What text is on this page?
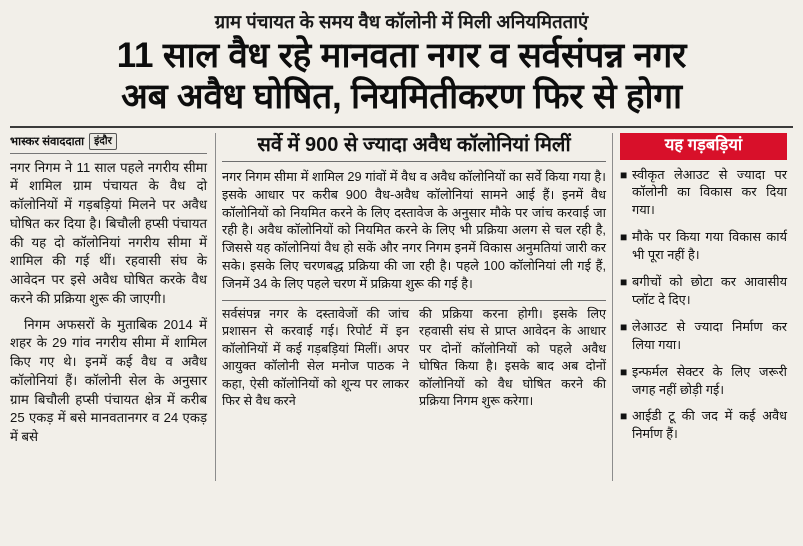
ग्राम पंचायत के समय वैध कॉलोनी में मिली अनियमितताएं
11 साल वैध रहे मानवता नगर व सर्वसंपन्न नगर
अब अवैध घोषित, नियमितीकरण फिर से होगा
भास्कर संवाददाता इंदौर

नगर निगम ने 11 साल पहले नगरीय सीमा में शामिल ग्राम पंचायत के वैध दो कॉलोनियों में गड़बड़ियां मिलने पर अवैध घोषित कर दिया है। बिचौली हप्सी पंचायत की यह दो कॉलोनियां नगरीय सीमा में शामिल की गई थीं। रहवासी संघ के आवेदन पर इसे अवैध घोषित करके वैध करने की प्रक्रिया शुरू की जाएगी।

निगम अफसरों के मुताबिक 2014 में शहर के 29 गांव नगरीय सीमा में शामिल किए गए थे। इनमें कई वैध व अवैध कॉलोनियां हैं। कॉलोनी सेल के अनुसार ग्राम बिचौली हप्सी पंचायत क्षेत्र में करीब 25 एकड़ में बसे मानवतानगर व 24 एकड़ में बसे

सर्वे में 900 से ज्यादा अवैध कॉलोनियां मिलीं

नगर निगम सीमा में शामिल 29 गांवों में वैध व अवैध कॉलोनियों का सर्वे किया गया है। इसके आधार पर करीब 900 वैध-अवैध कॉलोनियां सामने आई हैं। इनमें वैध कॉलोनियों को नियमित करने के लिए दस्तावेज के अनुसार मौके पर जांच करवाई जा रही है। अवैध कॉलोनियों को नियमित करने के लिए भी प्रक्रिया अलग से चल रही है, जिससे यह कॉलोनियां वैध हो सकें और नगर निगम इनमें विकास अनुमतियां जारी कर सके। इसके लिए चरणबद्ध प्रक्रिया की जा रही है। पहले 100 कॉलोनियां ली गई हैं, जिनमें 34 के लिए पहले चरण में प्रक्रिया शुरू की गई है।

सर्वसंपन्न नगर के दस्तावेजों की जांच प्रशासन से करवाई गई। रिपोर्ट में इन कॉलोनियों में कई गड़बड़ियां मिलीं। अपर आयुक्त कॉलोनी सेल मनोज पाठक ने कहा, ऐसी कॉलोनियों को शून्य पर लाकर फिर से वैध करने

की प्रक्रिया करना होगी। इसके लिए रहवासी संघ से प्राप्त आवेदन के आधार पर दोनों कॉलोनियों को पहले अवैध घोषित किया है। इसके बाद अब दोनों कॉलोनियों को वैध घोषित करने की प्रक्रिया निगम शुरू करेगा।

यह गड़बड़ियां
■ स्वीकृत लेआउट से ज्यादा पर कॉलोनी का विकास कर दिया गया।
■ मौके पर किया गया विकास कार्य भी पूरा नहीं है।
■ बगीचों को छोटा कर आवासीय प्लॉट दे दिए।
■ लेआउट से ज्यादा निर्माण कर लिया गया।
■ इन्फर्मल सेक्टर के लिए जरूरी जगह नहीं छोड़ी गई।
■ आईडी टू की जद में कई अवैध निर्माण हैं।
